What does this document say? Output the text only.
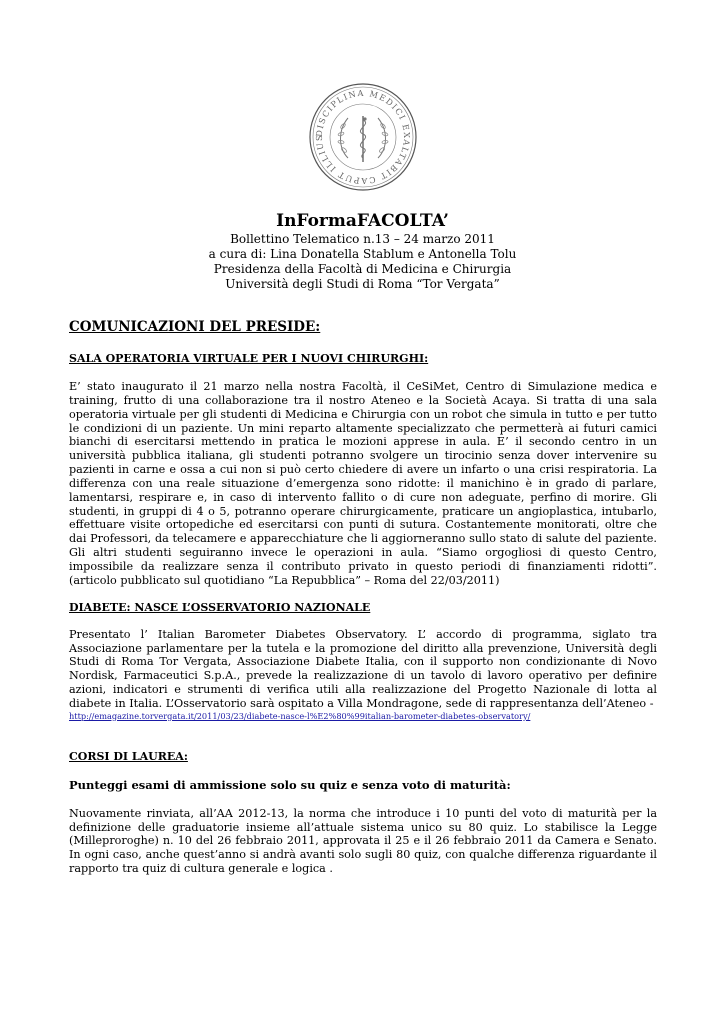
DISCIPLINA MEDICI EXALTABIT CAPUT ILLIUS
InFormaFACOLTA’
Bollettino Telematico n.13 – 24 marzo 2011
a cura di: Lina Donatella Stablum e Antonella Tolu
Presidenza della Facoltà di Medicina e Chirurgia
Università degli Studi di Roma “Tor Vergata”
COMUNICAZIONI DEL PRESIDE:
SALA OPERATORIA VIRTUALE PER I NUOVI CHIRURGHI:

E’ stato inaugurato il 21 marzo nella nostra Facoltà, il CeSiMet, Centro di Simulazione medica e training, frutto di una collaborazione tra il nostro Ateneo e la Società Acaya. Si tratta di una sala operatoria virtuale per gli studenti di Medicina e Chirurgia con un robot che simula in tutto e per tutto le condizioni di un paziente. Un mini reparto altamente specializzato che permetterà ai futuri camici bianchi di esercitarsi mettendo in pratica le mozioni apprese in aula. E’ il secondo centro in un università pubblica italiana, gli studenti potranno svolgere un tirocinio senza dover intervenire su pazienti in carne e ossa a cui non si può certo chiedere di avere un infarto o una crisi respiratoria. La differenza con una reale situazione d’emergenza sono ridotte: il manichino è in grado di parlare, lamentarsi, respirare e, in caso di intervento fallito o di cure non adeguate, perfino di morire. Gli studenti, in gruppi di 4 o 5, potranno operare chirurgicamente, praticare un angioplastica, intubarlo, effettuare visite ortopediche ed esercitarsi con punti di sutura. Costantemente monitorati, oltre che dai Professori, da telecamere e apparecchiature che li aggiorneranno sullo stato di salute del paziente. Gli altri studenti seguiranno invece le operazioni in aula. “Siamo orgogliosi di questo Centro, impossibile da realizzare senza il contributo privato in questo periodi di finanziamenti ridotti”. (articolo pubblicato sul quotidiano “La Repubblica” – Roma del 22/03/2011)

DIABETE: NASCE L’OSSERVATORIO NAZIONALE

Presentato l’ Italian Barometer Diabetes Observatory. L’ accordo di programma, siglato tra Associazione parlamentare per la tutela e la promozione del diritto alla prevenzione, Università degli Studi di Roma Tor Vergata, Associazione Diabete Italia, con il supporto non condizionante di Novo Nordisk, Farmaceutici S.p.A., prevede la realizzazione di un tavolo di lavoro operativo per definire azioni, indicatori e strumenti di verifica utili alla realizzazione del Progetto Nazionale di lotta al diabete in Italia. L’Osservatorio sarà ospitato a Villa Mondragone, sede di rappresentanza dell’Ateneo -

http://emagazine.torvergata.it/2011/03/23/diabete-nasce-l%E2%80%99italian-barometer-diabetes-observatory/
CORSI DI LAUREA:
Punteggi esami di ammissione solo su quiz e senza voto di maturità:

Nuovamente rinviata, all’AA 2012-13, la norma che introduce i 10 punti del voto di maturità per la definizione delle graduatorie insieme all’attuale sistema unico su 80 quiz. Lo stabilisce la Legge (Milleproroghe) n. 10 del 26 febbraio 2011, approvata il 25 e il 26 febbraio 2011 da Camera e Senato. In ogni caso, anche quest’anno si andrà avanti solo sugli 80 quiz, con qualche differenza riguardante il rapporto tra quiz di cultura generale e logica .
